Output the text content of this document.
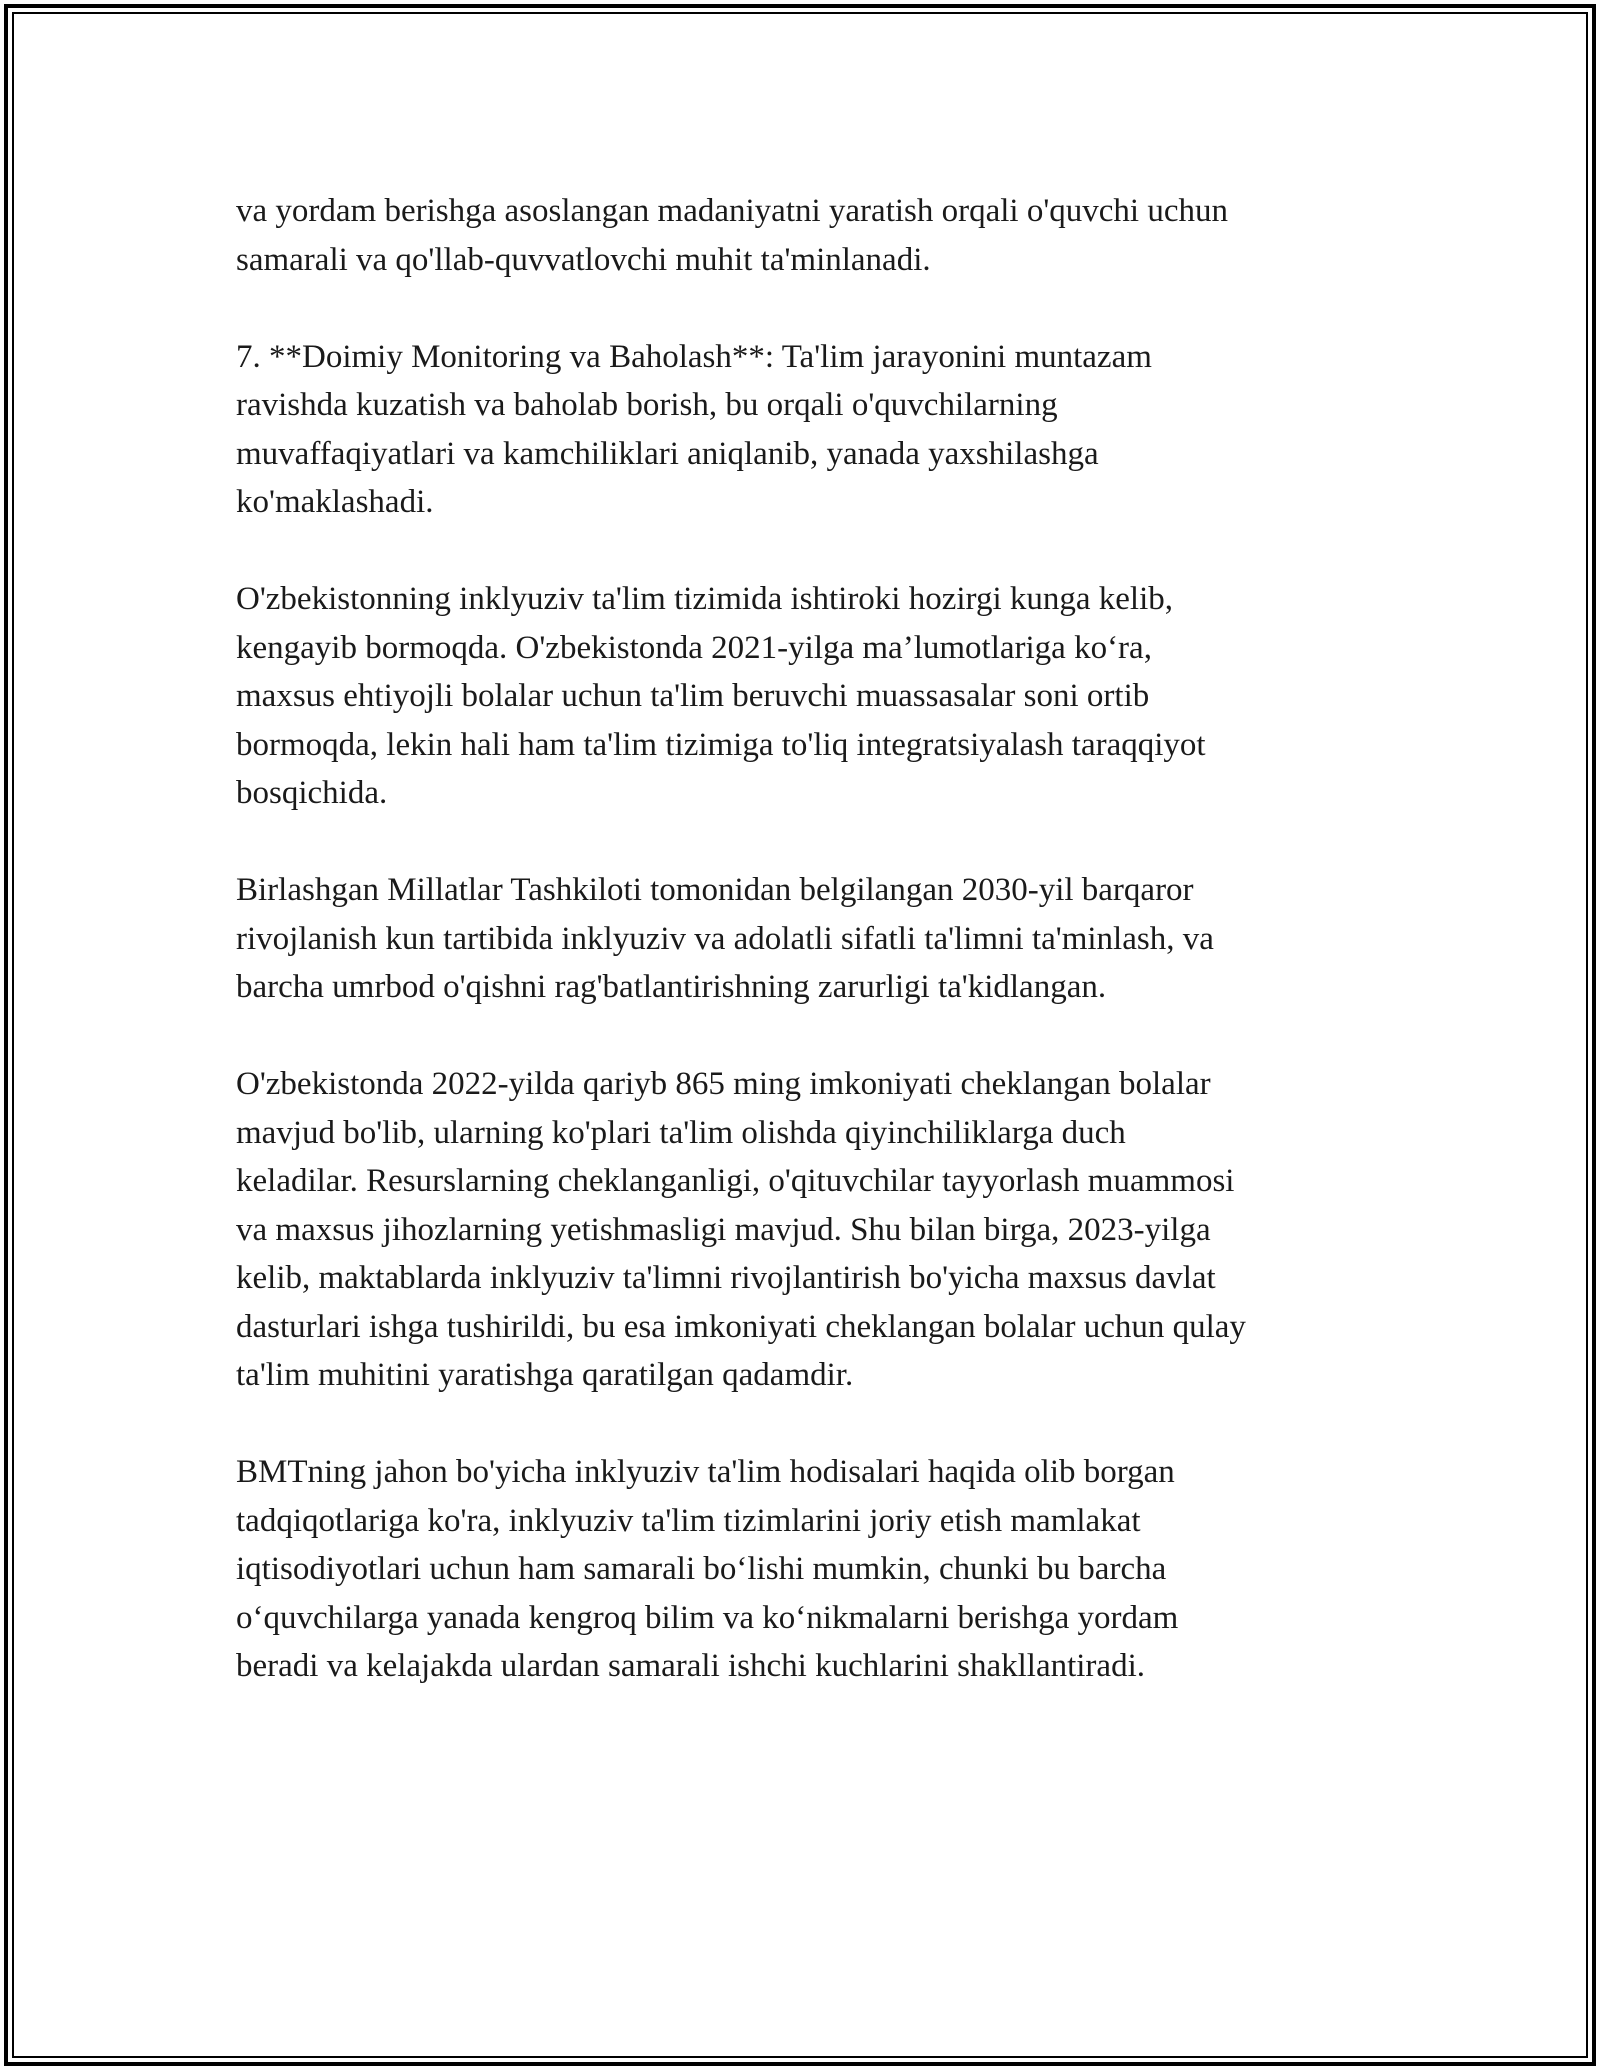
va yordam berishga asoslangan madaniyatni yaratish orqali o'quvchi uchun
samarali va qo'llab-quvvatlovchi muhit ta'minlanadi.

7. **Doimiy Monitoring va Baholash**: Ta'lim jarayonini muntazam
ravishda kuzatish va baholab borish, bu orqali o'quvchilarning
muvaffaqiyatlari va kamchiliklari aniqlanib, yanada yaxshilashga
ko'maklashadi.

O'zbekistonning inklyuziv ta'lim tizimida ishtiroki hozirgi kunga kelib,
kengayib bormoqda. O'zbekistonda 2021-yilga ma’lumotlariga ko‘ra,
maxsus ehtiyojli bolalar uchun ta'lim beruvchi muassasalar soni ortib
bormoqda, lekin hali ham ta'lim tizimiga to'liq integratsiyalash taraqqiyot
bosqichida.

Birlashgan Millatlar Tashkiloti tomonidan belgilangan 2030-yil barqaror
rivojlanish kun tartibida inklyuziv va adolatli sifatli ta'limni ta'minlash, va
barcha umrbod o'qishni rag'batlantirishning zarurligi ta'kidlangan.

O'zbekistonda 2022-yilda qariyb 865 ming imkoniyati cheklangan bolalar
mavjud bo'lib, ularning ko'plari ta'lim olishda qiyinchiliklarga duch
keladilar. Resurslarning cheklanganligi, o'qituvchilar tayyorlash muammosi
va maxsus jihozlarning yetishmasligi mavjud. Shu bilan birga, 2023-yilga
kelib, maktablarda inklyuziv ta'limni rivojlantirish bo'yicha maxsus davlat
dasturlari ishga tushirildi, bu esa imkoniyati cheklangan bolalar uchun qulay
ta'lim muhitini yaratishga qaratilgan qadamdir.

BMTning jahon bo'yicha inklyuziv ta'lim hodisalari haqida olib borgan
tadqiqotlariga ko'ra, inklyuziv ta'lim tizimlarini joriy etish mamlakat
iqtisodiyotlari uchun ham samarali bo‘lishi mumkin, chunki bu barcha
o‘quvchilarga yanada kengroq bilim va ko‘nikmalarni berishga yordam
beradi va kelajakda ulardan samarali ishchi kuchlarini shakllantiradi.
